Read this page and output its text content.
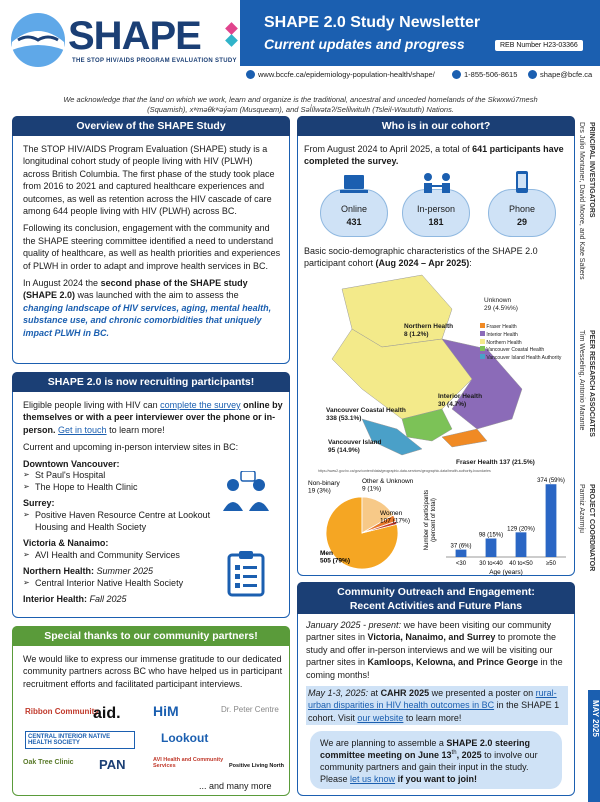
SHAPE
THE STOP HIV/AIDS PROGRAM EVALUATION STUDY
SHAPE 2.0 Study Newsletter
Current updates and progress	REB Number H23-03366
www.bccfe.ca/epidemiology-population-health/shape/	1-855-506-8615	shape@bcfe.ca
We acknowledge that the land on which we work, learn and organize is the traditional, ancestral and unceded homelands of the Skwxwú7mesh (Squamish), xʷməθkʷəy̓əm (Musqueam), and Səl̓ílwətaʔ/Selilwitulh (Tsleil-Waututh) Nations.
Overview of the SHAPE Study

The STOP HIV/AIDS Program Evaluation (SHAPE) study is a longitudinal cohort study of people living with HIV (PLWH) across British Columbia. The first phase of the study took place from 2016 to 2021 and captured healthcare experiences and outcomes, as well as retention across the HIV cascade of care among 644 people living with HIV (PLWH) across BC.

Following its conclusion, engagement with the community and the SHAPE steering committee identified a need to understand quality of healthcare, as well as health priorities and experiences of PLWH in order to adapt and improve health services in BC.

In August 2024 the second phase of the SHAPE study (SHAPE 2.0) was launched with the aim to assess the changing landscape of HIV services, aging, mental health, substance use, and chronic comorbidities that uniquely impact PLWH in BC.

SHAPE 2.0 is now recruiting participants!

Eligible people living with HIV can complete the survey online by themselves or with a peer interviewer over the phone or in-person. Get in touch to learn more!

Current and upcoming in-person interview sites in BC:

Downtown Vancouver:
➢ St Paul's Hospital
➢ The Hope to Health Clinic
Surrey:
➢ Positive Haven Resource Centre at Lookout Housing and Health Society
Victoria & Nanaimo:
➢ AVI Health and Community Services
Northern Health: Summer 2025
➢ Central Interior Native Health Society
Interior Health: Fall 2025
Special thanks to our community partners!
We would like to express our immense gratitude to our dedicated community partners across BC who have helped us in participant recruitment efforts and facilitated participant interviews.
Ribbon Community
aid. HiM	Dr. Peter Centre
CENTRAL INTERIOR NATIVE HEALTH SOCIETY	Lookout
Oak Tree Clinic PAN	AVI Health and Community Services	Positive Living North
... and many more
Who is in our cohort?
From August 2024 to April 2025, a total of 641 participants have completed the survey.
Online
431
In-person
181
Phone
29
Basic socio-demographic characteristics of the SHAPE 2.0 participant cohort (Aug 2024 – Apr 2025):
Unknown
29 (4.5%%)
Northern Health
8 (1.2%)
Fraser Health
Interior Health
Northern Health
Vancouver Coastal Health
Vancouver Island Health Authority
Vancouver Coastal Health
338 (53.1%)
Interior Health
30 (4.7%)
Vancouver Island
95 (14.9%)
Fraser Health 137 (21.5%)
https://www2.gov.bc.ca/gov/content/data/geographic-data-services/geographic-data/health-authority-boundaries
Men 505 (79%)
Women 107 (17%)
Non-binary 19 (3%)
Other & Unknown 9 (1%)
37 (6%)
<30
98 (15%)
30 to<40
129 (20%)
40 to<50
374 (59%)
≥50
Age (years)
Number of participants(percent of total)
Community Outreach and Engagement:
Recent Activities and Future Plans

January 2025 - present: we have been visiting our community partner sites in Victoria, Nanaimo, and Surrey to promote the study and offer in-person interviews and we will be visiting our partner sites in Kamloops, Kelowna, and Prince George in the coming months!

May 1-3, 2025: at CAHR 2025 we presented a poster on rural-urban disparities in HIV health outcomes in BC in the SHAPE 1 cohort. Visit our website to learn more!

We are planning to assemble a SHAPE 2.0 steering committee meeting on June 13th, 2025 to involve our community partners and gain their input in the study. Please let us know if you want to join!
PRINCIPAL INVESTIGATORS
Drs Julio Montaner, David Moore, and Kate Salters
PEER RESEARCH ASSOCIATES
Tim Wesseling, Antonio Marante
PROJECT COORDINATOR
Parmiz Azarmju
MAY 2025
